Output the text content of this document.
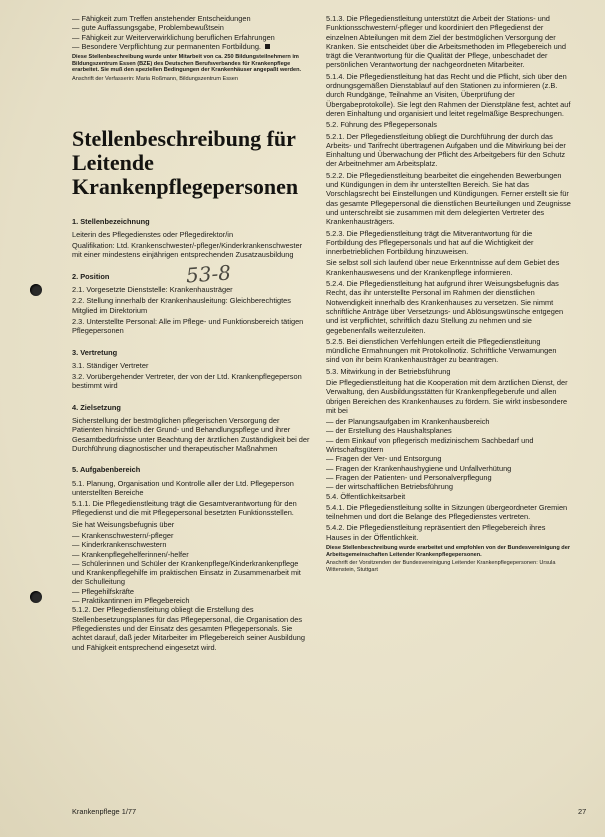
— Fähigkeit zum Treffen anstehender Entscheidungen
— gute Auffassungsgabe, Problembewußtsein
— Fähigkeit zur Weiterverwirklichung beruflichen Erfahrungen
— Besondere Verpflichtung zur permanenten Fortbildung.
Diese Stellenbeschreibung wurde unter Mitarbeit von ca. 250 Bildungsteilnehmern im Bildungszentrum Essen (BZE) des Deutschen Berufsverbandes für Krankenpflege erarbeitet. Sie muß den speziellen Bedingungen der Krankenhäuser angepaßt werden.
Anschrift der Verfasserin: Maria Roßmann, Bildungszentrum Essen
Stellenbeschreibung für Leitende Krankenpflegepersonen
1. Stellenbezeichnung

Leiterin des Pflegedienstes oder Pflegedirektor/in

Qualifikation: Ltd. Krankenschwester/-pfleger/Kinderkrankenschwester mit einer mindestens einjährigen entsprechenden Zusatzausbildung

2. Position

2.1. Vorgesetzte Dienststelle: Krankenhausträger

2.2. Stellung innerhalb der Krankenhausleitung: Gleichberechtigtes Mitglied im Direktorium

2.3. Unterstellte Personal: Alle im Pflege- und Funktionsbereich tätigen Pflegepersonen

3. Vertretung

3.1. Ständiger Vertreter

3.2. Vorübergehender Vertreter, der von der Ltd. Krankenpflegeperson bestimmt wird

4. Zielsetzung

Sicherstellung der bestmöglichen pflegerischen Versorgung der Patienten hinsichtlich der Grund- und Behandlungspflege und ihrer Gesamtbedürfnisse unter Beachtung der ärztlichen Zuständigkeit bei der Durchführung diagnostischer und therapeutischer Maßnahmen

5. Aufgabenbereich

5.1. Planung, Organisation und Kontrolle aller der Ltd. Pflegeperson unterstellten Bereiche

5.1.1. Die Pflegedienstleitung trägt die Gesamtverantwortung für den Pflegedienst und die mit Pflegepersonal besetzten Funktionsstellen.

Sie hat Weisungsbefugnis über

— Krankenschwestern/-pfleger
— Kinderkrankenschwestern
— Krankenpflegehelferinnen/-helfer
— Schülerinnen und Schüler der Krankenpflege/Kinderkrankenpflege und Krankenpflegehilfe im praktischen Einsatz in Zusammenarbeit mit der Schulleitung
— Pflegehilfskräfte
— Praktikantinnen im Pflegebereich

5.1.2. Der Pflegedienstleitung obliegt die Erstellung des Stellenbesetzungsplanes für das Pflegepersonal, die Organisation des Pflegedienstes und der Einsatz des gesamten Pflegepersonals. Sie achtet darauf, daß jeder Mitarbeiter im Pflegebereich seiner Ausbildung und Fähigkeit entsprechend eingesetzt wird.

53-8

5.1.3. Die Pflegedienstleitung unterstützt die Arbeit der Stations- und Funktionsschwestern/-pfleger und koordiniert den Pflegedienst der einzelnen Abteilungen mit dem Ziel der bestmöglichen Versorgung der Kranken. Sie entscheidet über die Arbeitsmethoden im Pflegebereich und trägt die Verantwortung für die Qualität der Pflege, unbeschadet der persönlichen Verantwortung der nachgeordneten Mitarbeiter.

5.1.4. Die Pflegedienstleitung hat das Recht und die Pflicht, sich über den ordnungsgemäßen Dienstablauf auf den Stationen zu informieren (z.B. durch Rundgänge, Teilnahme an Visiten, Überprüfung der Übergabeprotokolle). Sie legt den Rahmen der Dienstpläne fest, achtet auf deren Einhaltung und organisiert und leitet regelmäßige Besprechungen.

5.2. Führung des Pflegepersonals

5.2.1. Der Pflegedienstleitung obliegt die Durchführung der durch das Arbeits- und Tarifrecht übertragenen Aufgaben und die Mitwirkung bei der Einhaltung und Überwachung der Pflicht des Arbeitgebers für den Schutz der Arbeitnehmer am Arbeitsplatz.

5.2.2. Die Pflegedienstleitung bearbeitet die eingehenden Bewerbungen und Kündigungen in dem ihr unterstellten Bereich. Sie hat das Vorschlagsrecht bei Einstellungen und Kündigungen. Ferner erstellt sie für das gesamte Pflegepersonal die dienstlichen Beurteilungen und Zeugnisse und unterschreibt sie zusammen mit dem delegierten Vertreter des Krankenhausträgers.

5.2.3. Die Pflegedienstleitung trägt die Mitverantwortung für die Fortbildung des Pflegepersonals und hat auf die Wichtigkeit der innerbetrieblichen Fortbildung hinzuweisen.

Sie selbst soll sich laufend über neue Erkenntnisse auf dem Gebiet des Krankenhauswesens und der Krankenpflege informieren.

5.2.4. Die Pflegedienstleitung hat aufgrund ihrer Weisungsbefugnis das Recht, das ihr unterstellte Personal im Rahmen der dienstlichen Notwendigkeit innerhalb des Krankenhauses zu versetzen. Sie nimmt schriftliche Anträge über Versetzungs- und Ablösungswünsche entgegen und ist verpflichtet, schriftlich dazu Stellung zu nehmen und sie gegebenenfalls weiterzuleiten.

5.2.5. Bei dienstlichen Verfehlungen erteilt die Pflegedienstleitung mündliche Ermahnungen mit Protokollnotiz. Schriftliche Verwarnungen sind von ihr beim Krankenhausträger zu beantragen.

5.3. Mitwirkung in der Betriebsführung

Die Pflegedienstleitung hat die Kooperation mit dem ärztlichen Dienst, der Verwaltung, den Ausbildungsstätten für Krankenpflegeberufe und allen übrigen Bereichen des Krankenhauses zu fördern. Sie wirkt insbesondere mit bei

— der Planungsaufgaben im Krankenhausbereich
— der Erstellung des Haushaltsplanes
— dem Einkauf von pflegerisch medizinischem Sachbedarf und Wirtschaftsgütern
— Fragen der Ver- und Entsorgung
— Fragen der Krankenhaushygiene und Unfallverhütung
— Fragen der Patienten- und Personalverpflegung
— der wirtschaftlichen Betriebsführung

5.4. Öffentlichkeitsarbeit

5.4.1. Die Pflegedienstleitung sollte in Sitzungen übergeordneter Gremien teilnehmen und dort die Belange des Pflegedienstes vertreten.

5.4.2. Die Pflegedienstleitung repräsentiert den Pflegebereich ihres Hauses in der Öffentlichkeit.

Diese Stellenbeschreibung wurde erarbeitet und empfohlen von der Bundesvereinigung der Arbeitsgemeinschaften Leitender Krankenpflegepersonen.
Anschrift der Vorsitzenden der Bundesvereinigung Leitender Krankenpflegepersonen: Ursula Wittenstein, Stuttgart
Krankenpflege 1/77	27
